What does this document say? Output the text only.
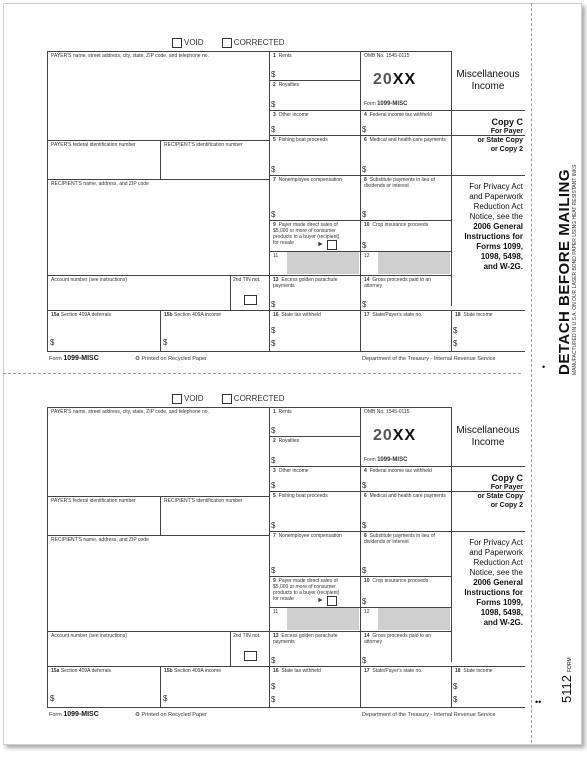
VOID	CORRECTED
PAYER'S name, street address, city, state, ZIP code, and telephone no.
PAYER'S federal identification number	RECIPIENT'S identification number
RECIPIENT'S name, address, and ZIP code
Account number (see instructions)	2nd TIN not.
15a Section 409A deferrals	15b Section 409A income
$	$
1 Rents
$
2 Royalties
$
3 Other income
$
5 Fishing boat proceeds
$
7 Nonemployee compensation
$
9 Payer made direct sales of $5,000 or more of consumer products to a buyer (recipient) for resale	►
11
13 Excess golden parachute payments
$
16 State tax withheld
$
$
OMB No. 1545-0115
20XX
Form 1099-MISC
4 Federal income tax withheld
$
6 Medical and health care payments
$
8 Substitute payments in lieu of dividends or interest
$
10 Crop insurance proceeds
$
12
14 Gross proceeds paid to an attorney
$
17 State/Payer's state no.	18 State income
$
$
Miscellaneous
Income
Copy C
For Payer
or State Copy
or Copy 2
For Privacy Act
and Paperwork
Reduction Act
Notice, see the
2006 General
Instructions for
Forms 1099,
1098, 5498,
and W-2G.
Form 1099-MISC	♻ Printed on Recycled Paper	Department of the Treasury - Internal Revenue Service
VOID	CORRECTED
PAYER'S name, street address, city, state, ZIP code, and telephone no.
PAYER'S federal identification number	RECIPIENT'S identification number
RECIPIENT'S name, address, and ZIP code
Account number (see instructions)	2nd TIN not.
15a Section 409A deferrals	15b Section 409A income
$	$
1 Rents
$
2 Royalties
$
3 Other income
$
5 Fishing boat proceeds
$
7 Nonemployee compensation
$
9 Payer made direct sales of $5,000 or more of consumer products to a buyer (recipient) for resale	►
11
13 Excess golden parachute payments
$
16 State tax withheld
$
$
OMB No. 1545-0115
20XX
Form 1099-MISC
4 Federal income tax withheld
$
6 Medical and health care payments
$
8 Substitute payments in lieu of dividends or interest
$
10 Crop insurance proceeds
$
12
14 Gross proceeds paid to an attorney
$
17 State/Payer's state no.	18 State income
$
$
Miscellaneous
Income
Copy C
For Payer
or State Copy
or Copy 2
For Privacy Act
and Paperwork
Reduction Act
Notice, see the
2006 General
Instructions for
Forms 1099,
1098, 5498,
and W-2G.
Form 1099-MISC	♻ Printed on Recycled Paper	Department of the Treasury - Internal Revenue Service
DETACH BEFORE MAILING MANUFACTURED IN U.S.A. ON OUR LASER BOND PAPER USING HEAT RESISTANT INKS
•
5112FORM
••
